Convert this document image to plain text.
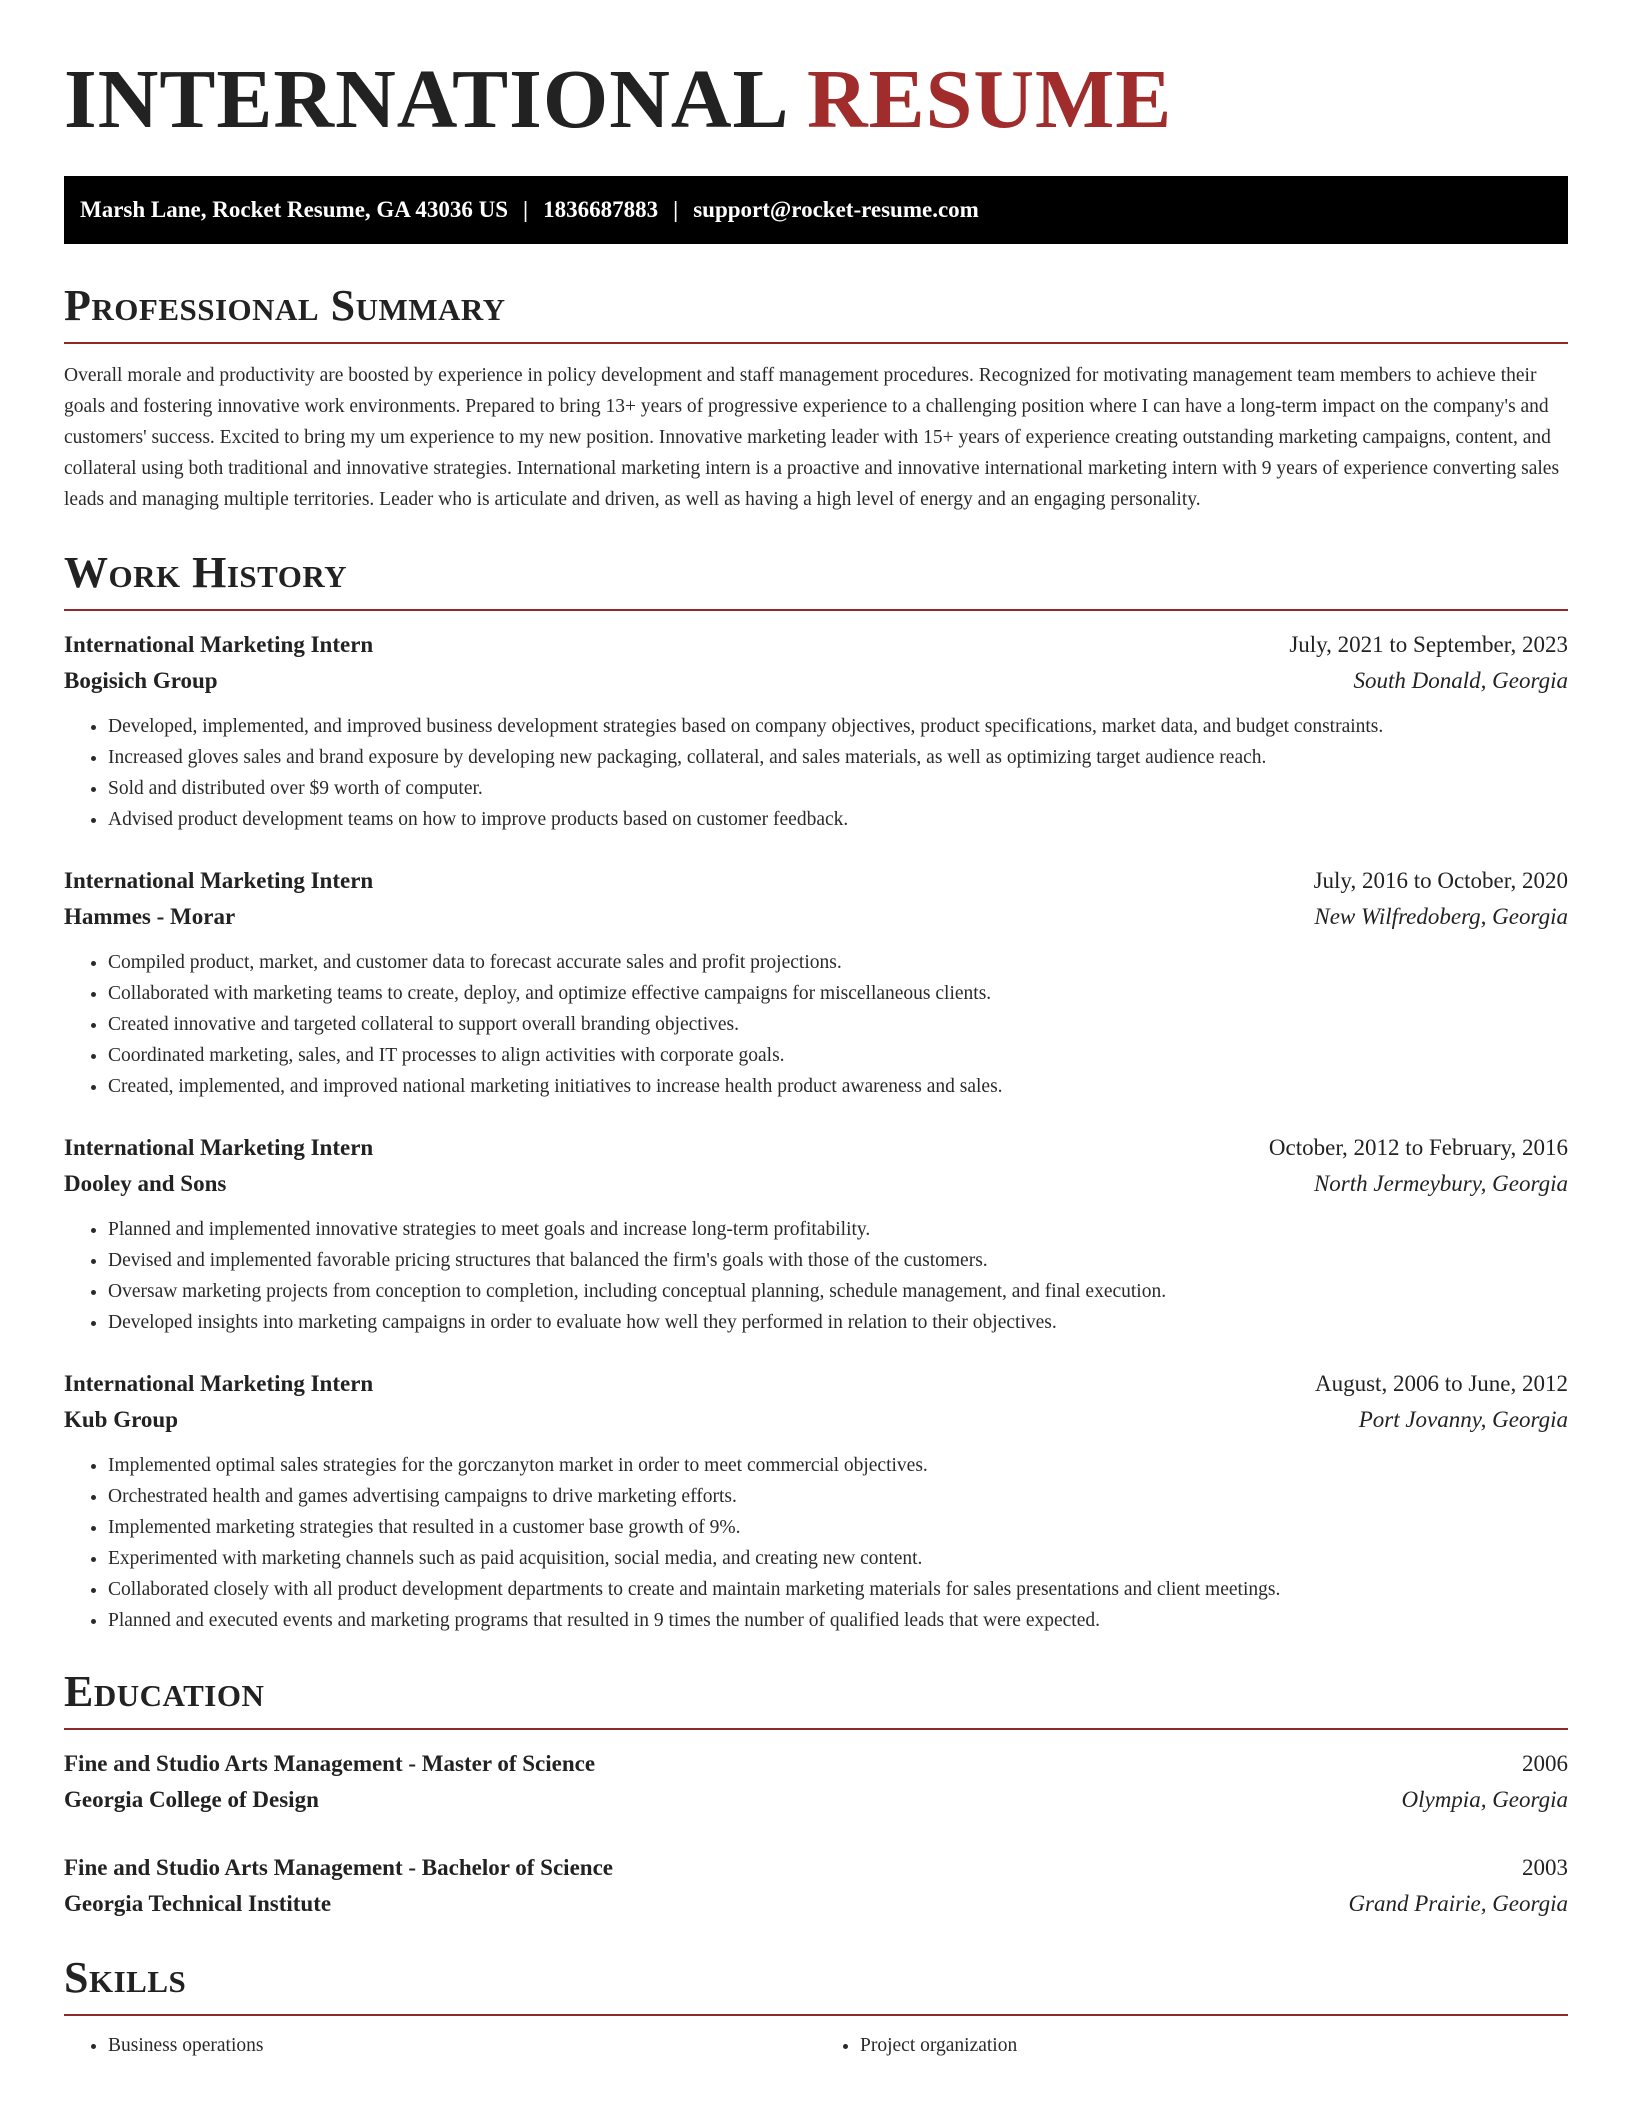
INTERNATIONAL RESUME
Marsh Lane, Rocket Resume, GA 43036 US | 1836687883 | support@rocket-resume.com
Professional Summary

Overall morale and productivity are boosted by experience in policy development and staff management procedures. Recognized for motivating management team members to achieve their goals and fostering innovative work environments. Prepared to bring 13+ years of progressive experience to a challenging position where I can have a long-term impact on the company's and customers' success. Excited to bring my um experience to my new position. Innovative marketing leader with 15+ years of experience creating outstanding marketing campaigns, content, and collateral using both traditional and innovative strategies. International marketing intern is a proactive and innovative international marketing intern with 9 years of experience converting sales leads and managing multiple territories. Leader who is articulate and driven, as well as having a high level of energy and an engaging personality.

Work History
International Marketing Intern	July, 2021 to September, 2023
Bogisich Group	South Donald, Georgia
• Developed, implemented, and improved business development strategies based on company objectives, product specifications, market data, and budget constraints.
• Increased gloves sales and brand exposure by developing new packaging, collateral, and sales materials, as well as optimizing target audience reach.
• Sold and distributed over $9 worth of computer.
• Advised product development teams on how to improve products based on customer feedback.
International Marketing Intern	July, 2016 to October, 2020
Hammes - Morar	New Wilfredoberg, Georgia
• Compiled product, market, and customer data to forecast accurate sales and profit projections.
• Collaborated with marketing teams to create, deploy, and optimize effective campaigns for miscellaneous clients.
• Created innovative and targeted collateral to support overall branding objectives.
• Coordinated marketing, sales, and IT processes to align activities with corporate goals.
• Created, implemented, and improved national marketing initiatives to increase health product awareness and sales.
International Marketing Intern	October, 2012 to February, 2016
Dooley and Sons	North Jermeybury, Georgia
• Planned and implemented innovative strategies to meet goals and increase long-term profitability.
• Devised and implemented favorable pricing structures that balanced the firm's goals with those of the customers.
• Oversaw marketing projects from conception to completion, including conceptual planning, schedule management, and final execution.
• Developed insights into marketing campaigns in order to evaluate how well they performed in relation to their objectives.
International Marketing Intern	August, 2006 to June, 2012
Kub Group	Port Jovanny, Georgia
• Implemented optimal sales strategies for the gorczanyton market in order to meet commercial objectives.
• Orchestrated health and games advertising campaigns to drive marketing efforts.
• Implemented marketing strategies that resulted in a customer base growth of 9%.
• Experimented with marketing channels such as paid acquisition, social media, and creating new content.
• Collaborated closely with all product development departments to create and maintain marketing materials for sales presentations and client meetings.
• Planned and executed events and marketing programs that resulted in 9 times the number of qualified leads that were expected.
Education
Fine and Studio Arts Management - Master of Science	2006
Georgia College of Design	Olympia, Georgia
Fine and Studio Arts Management - Bachelor of Science	2003
Georgia Technical Institute	Grand Prairie, Georgia
Skills
• Business operations
•	Project organization
